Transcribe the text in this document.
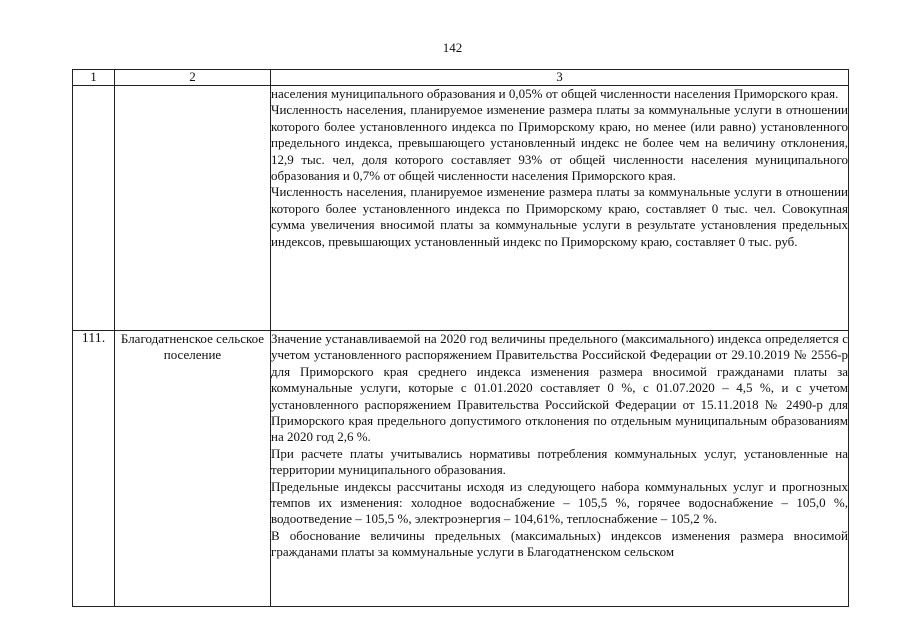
142
1	2	3

		населения муниципального образования и 0,05% от общей численности населения Приморского края.

Численность населения, планируемое изменение размера платы за коммунальные услуги в отношении которого более установленного индекса по Приморскому краю, но менее (или равно) установленного предельного индекса, превышающего установленный индекс не более чем на величину отклонения, 12,9 тыс. чел, доля которого составляет 93% от общей численности населения муниципального образования и 0,7% от общей численности населения Приморского края.

Численность населения, планируемое изменение размера платы за коммунальные услуги в отношении которого более установленного индекса по Приморскому краю, составляет 0 тыс. чел. Совокупная сумма увеличения вносимой платы за коммунальные услуги в результате установления предельных индексов, превышающих установленный индекс по Приморскому краю, составляет 0 тыс. руб.

111.	Благодатненское сельское поселение	Значение устанавливаемой на 2020 год величины предельного (максимального) индекса определяется с учетом установленного распоряжением Правительства Российской Федерации от 29.10.2019 № 2556-р для Приморского края среднего индекса изменения размера вносимой гражданами платы за коммунальные услуги, которые с 01.01.2020 составляет 0 %, с 01.07.2020 – 4,5 %, и с учетом установленного распоряжением Правительства Российской Федерации от 15.11.2018 № 2490-р для Приморского края предельного допустимого отклонения по отдельным муниципальным образованиям на 2020 год 2,6 %.

При расчете платы учитывались нормативы потребления коммунальных услуг, установленные на территории муниципального образования.

Предельные индексы рассчитаны исходя из следующего набора коммунальных услуг и прогнозных темпов их изменения: холодное водоснабжение – 105,5 %, горячее водоснабжение – 105,0 %, водоотведение – 105,5 %, электроэнергия – 104,61%, теплоснабжение – 105,2 %.

В обоснование величины предельных (максимальных) индексов изменения размера вносимой гражданами платы за коммунальные услуги в Благодатненском сельском
